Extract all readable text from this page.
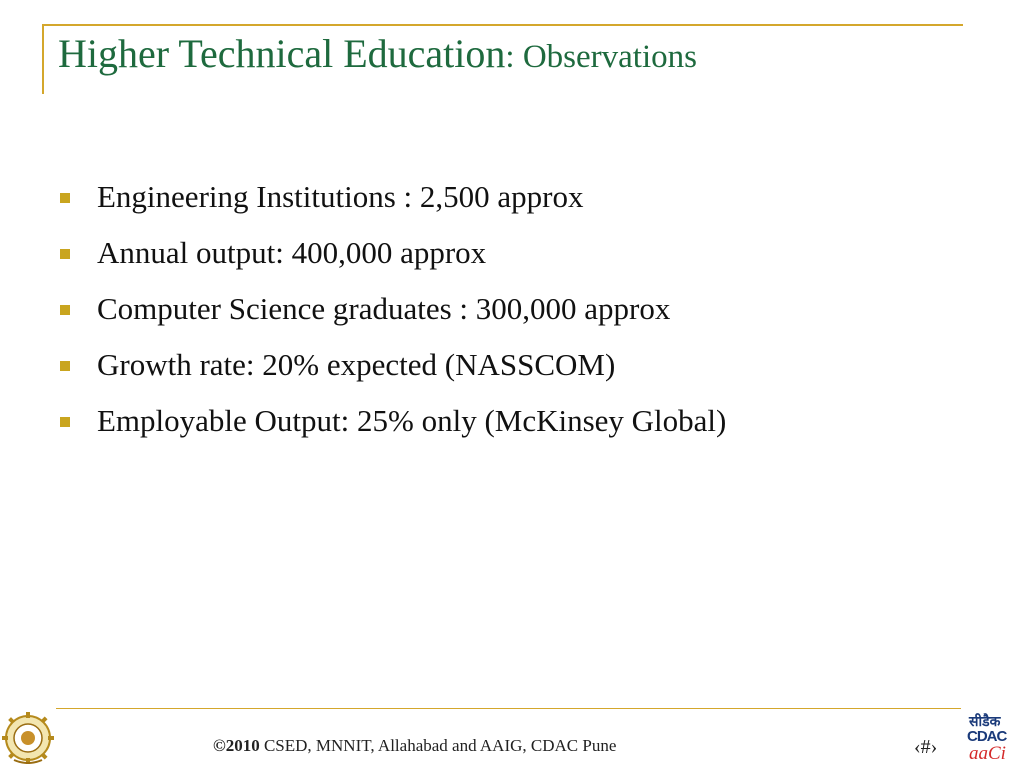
Higher Technical Education: Observations
Engineering Institutions : 2,500 approx
Annual output: 400,000 approx
Computer Science graduates : 300,000 approx
Growth rate: 20% expected (NASSCOM)
Employable Output: 25% only (McKinsey Global)
©2010 CSED, MNNIT, Allahabad and AAIG, CDAC Pune	‹#›
सीडैक
CDAC
aaCi
